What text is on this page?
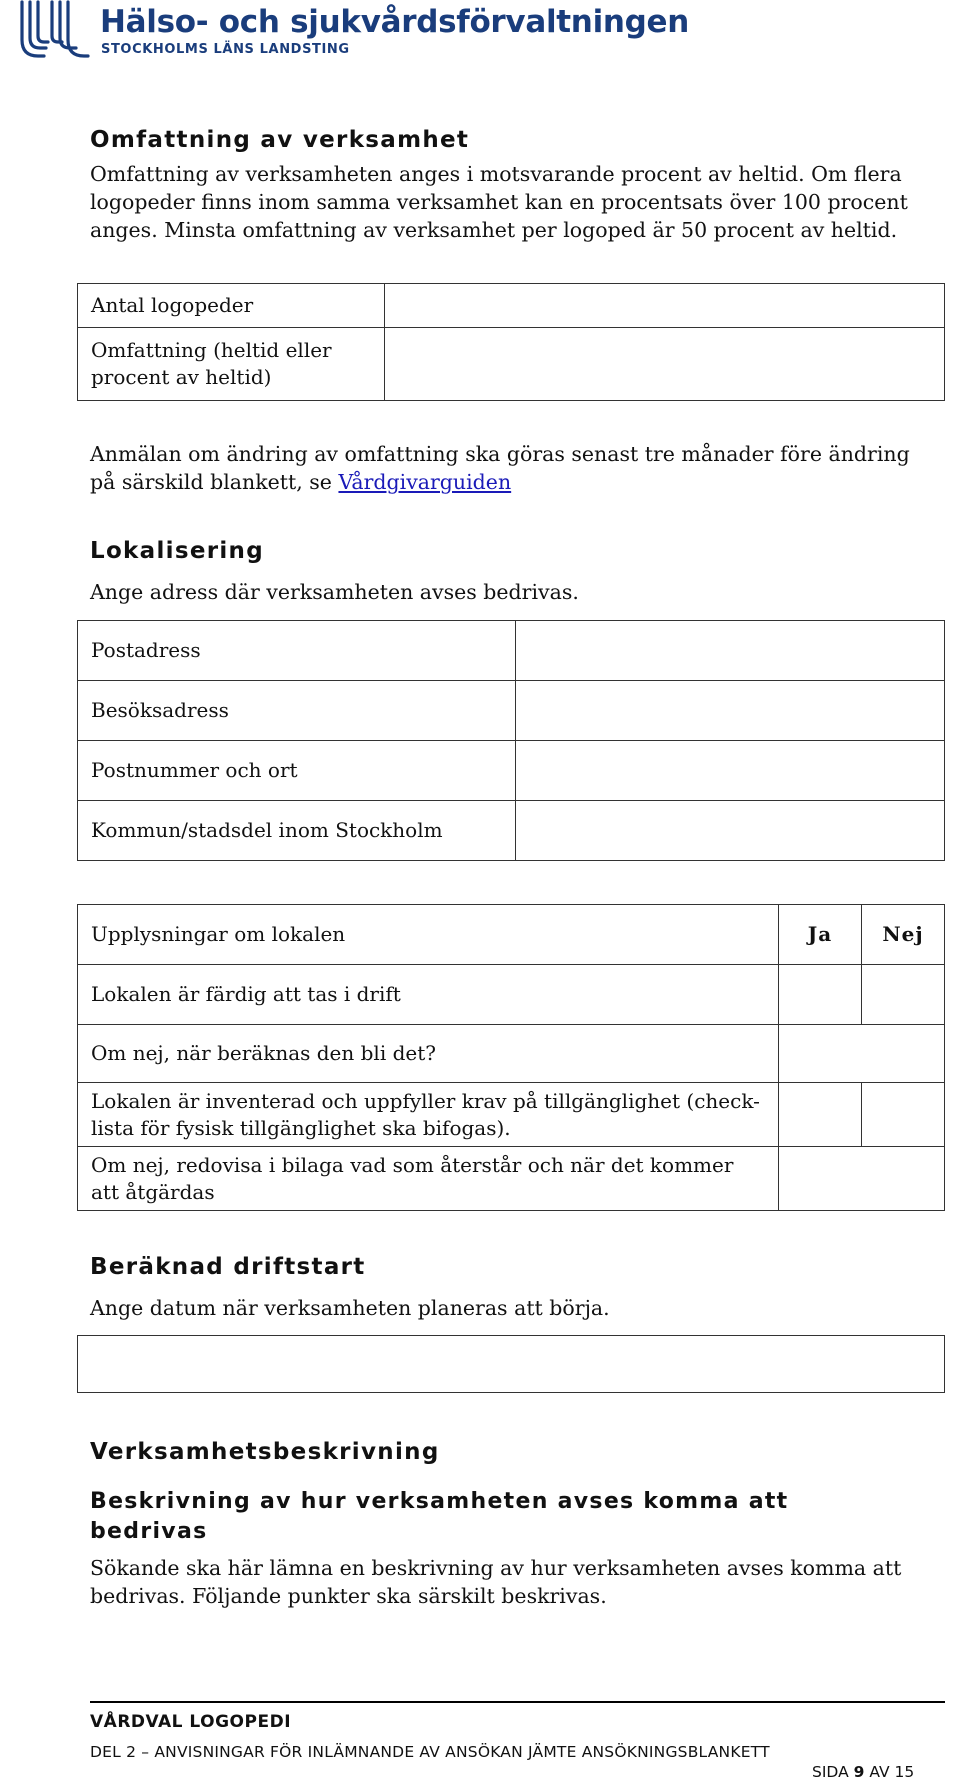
Hälso- och sjukvårdsförvaltningen
STOCKHOLMS LÄNS LANDSTING
Omfattning av verksamhet

Omfattning av verksamheten anges i motsvarande procent av heltid. Om flera logopeder finns inom samma verksamhet kan en procentsats över 100 procent anges. Minsta omfattning av verksamhet per logoped är 50 procent av heltid.

Antal logopeder	
Omfattning (heltid eller procent av heltid)	

Anmälan om ändring av omfattning ska göras senast tre månader före ändring på särskild blankett, se Vårdgivarguiden

Lokalisering

Ange adress där verksamheten avses bedrivas.

Postadress	
Besöksadress	
Postnummer och ort	
Kommun/stadsdel inom Stockholm	
Upplysningar om lokalen	Ja	Nej
Lokalen är färdig att tas i drift		
Om nej, när beräknas den bli det?		
Lokalen är inventerad och uppfyller krav på tillgänglighet (check-lista för fysisk tillgänglighet ska bifogas).		
Om nej, redovisa i bilaga vad som återstår och när det kommer att åtgärdas		
Beräknad driftstart

Ange datum när verksamheten planeras att börja.

Verksamhetsbeskrivning
Beskrivning av hur verksamheten avses komma att bedrivas

Sökande ska här lämna en beskrivning av hur verksamheten avses komma att bedrivas. Följande punkter ska särskilt beskrivas.

VÅRDVAL LOGOPEDI
DEL 2 – ANVISNINGAR FÖR INLÄMNANDE AV ANSÖKAN JÄMTE ANSÖKNINGSBLANKETT
SIDA 9 AV 15
